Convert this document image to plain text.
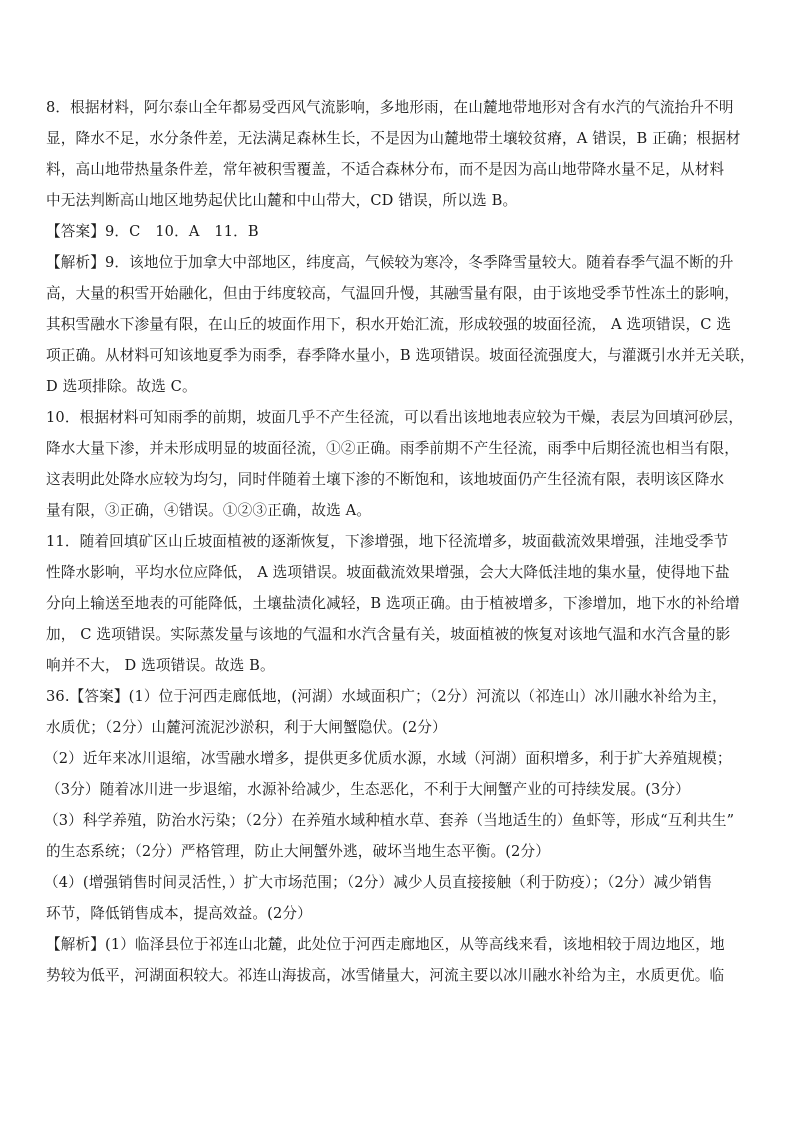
8．根据材料，阿尔泰山全年都易受西风气流影响，多地形雨，在山麓地带地形对含有水汽的气流抬升不明
显，降水不足，水分条件差，无法满足森林生长，不是因为山麓地带土壤较贫瘠，A 错误，B 正确；根据材
料，高山地带热量条件差，常年被积雪覆盖，不适合森林分布，而不是因为高山地带降水量不足，从材料
中无法判断高山地区地势起伏比山麓和中山带大，CD 错误，所以选 B。

【答案】9．C　10．A　11．B

【解析】9．该地位于加拿大中部地区，纬度高，气候较为寒冷，冬季降雪量较大。随着春季气温不断的升
高，大量的积雪开始融化，但由于纬度较高，气温回升慢，其融雪量有限，由于该地受季节性冻土的影响，
其积雪融水下渗量有限，在山丘的坡面作用下，积水开始汇流，形成较强的坡面径流， A 选项错误，C 选
项正确。从材料可知该地夏季为雨季，春季降水量小，B 选项错误。坡面径流强度大，与灌溉引水并无关联，
D 选项排除。故选 C。

10．根据材料可知雨季的前期，坡面几乎不产生径流，可以看出该地地表应较为干燥，表层为回填河砂层，
降水大量下渗，并未形成明显的坡面径流，①②正确。雨季前期不产生径流，雨季中后期径流也相当有限，
这表明此处降水应较为均匀，同时伴随着土壤下渗的不断饱和，该地坡面仍产生径流有限，表明该区降水
量有限，③正确，④错误。①②③正确，故选 A。

11．随着回填矿区山丘坡面植被的逐渐恢复，下渗增强，地下径流增多，坡面截流效果增强，洼地受季节
性降水影响，平均水位应降低， A 选项错误。坡面截流效果增强，会大大降低洼地的集水量，使得地下盐
分向上输送至地表的可能降低，土壤盐渍化减轻，B 选项正确。由于植被增多，下渗增加，地下水的补给增
加， C 选项错误。实际蒸发量与该地的气温和水汽含量有关，坡面植被的恢复对该地气温和水汽含量的影
响并不大， D 选项错误。故选 B。

36.【答案】(1）位于河西走廊低地，(河湖）水域面积广；（2分）河流以（祁连山）冰川融水补给为主，
水质优；（2分）山麓河流泥沙淤积，利于大闸蟹隐伏。(2分）

（2）近年来冰川退缩，冰雪融水增多，提供更多优质水源，水域（河湖）面积增多，利于扩大养殖规模；
（3分）随着冰川进一步退缩，水源补给减少，生态恶化，不利于大闸蟹产业的可持续发展。(3分）

（3）科学养殖，防治水污染；（2分）在养殖水域种植水草、套养（当地适生的）鱼虾等，形成“互利共生”
的生态系统；（2分）严格管理，防止大闸蟹外逃，破坏当地生态平衡。(2分）

（4）(增强销售时间灵活性，）扩大市场范围；（2分）减少人员直接接触（利于防疫）；（2分）减少销售
环节，降低销售成本，提高效益。(2分）

【解析】(1）临泽县位于祁连山北麓，此处位于河西走廊地区，从等高线来看，该地相较于周边地区，地
势较为低平，河湖面积较大。祁连山海拔高，冰雪储量大，河流主要以冰川融水补给为主，水质更优。临
